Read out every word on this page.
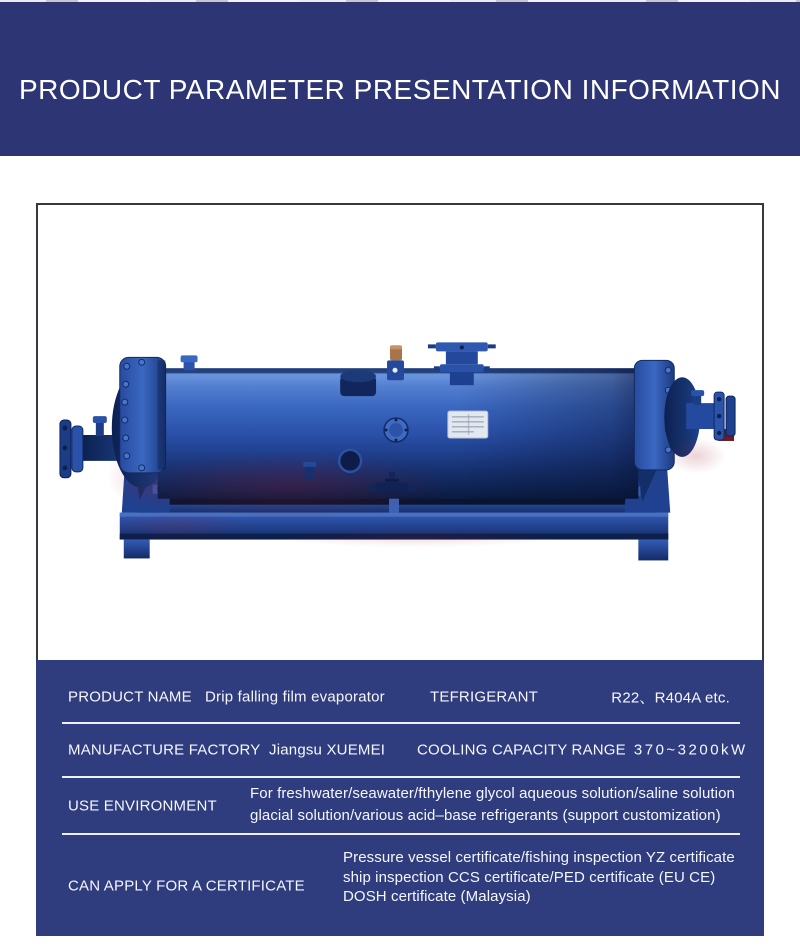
PRODUCT PARAMETER PRESENTATION INFORMATION
PRODUCT NAME Drip falling film evaporator	TEFRIGERANT	R22、R404A etc.
MANUFACTURE FACTORY Jiangsu XUEMEI COOLING CAPACITY RANGE 370~3200kW
USE ENVIRONMENT
For freshwater/seawater/fthylene glycol aqueous solution/saline solution
glacial solution/various acid–base refrigerants (support customization)
CAN APPLY FOR A CERTIFICATE
Pressure vessel certificate/fishing inspection YZ certificate
ship inspection CCS certificate/PED certificate (EU CE)
DOSH certificate (Malaysia)
